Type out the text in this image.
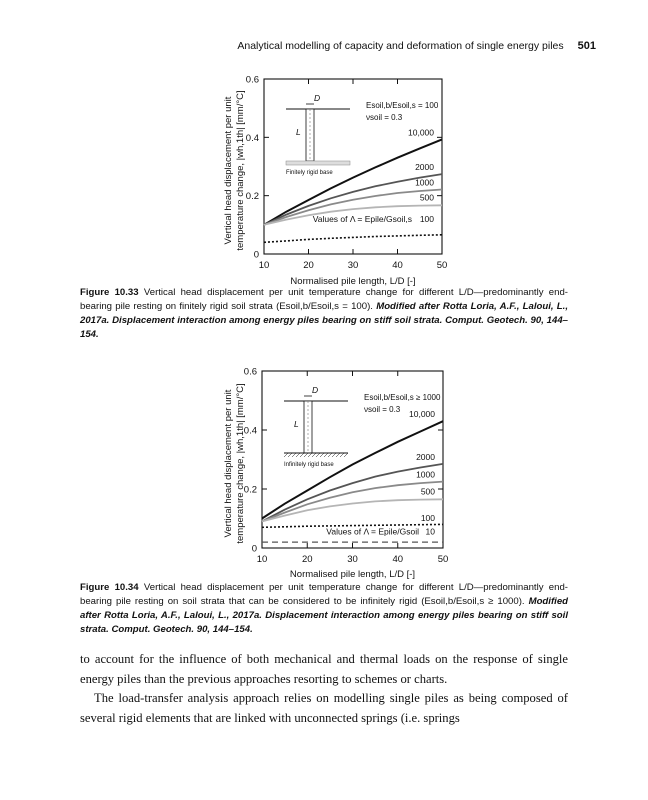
Analytical modelling of capacity and deformation of single energy piles 501
10	20	30	40	50
0
0.2
0.4
0.6
Normalised pile length, L/D [-]
Vertical head displacement per unit temperature change, |wh,1th| [mm/°C]	10,000
2000
1000
500
100
Values of Λ = Epile/Gsoil,s
D
L
Finitely rigid base
Esoil,b/Esoil,s = 100
νsoil = 0.3
Figure 10.33 Vertical head displacement per unit temperature change for different L/D—predominantly end-bearing pile resting on finitely rigid soil strata (Esoil,b/Esoil,s = 100). Modified after Rotta Loria, A.F., Laloui, L., 2017a. Displacement interaction among energy piles bearing on stiff soil strata. Comput. Geotech. 90, 144–154.
10	20	30	40	50
0
0.2
0.4
0.6
Normalised pile length, L/D [-]
Vertical head displacement per unit temperature change, |wh,1th| [mm/°C]	10,000
2000
1000
500
100
10
Values of Λ = Epile/Gsoil
D
L
Infinitely rigid base
Esoil,b/Esoil,s ≥ 1000
νsoil = 0.3
Figure 10.34 Vertical head displacement per unit temperature change for different L/D—predominantly end-bearing pile resting on soil strata that can be considered to be infinitely rigid (Esoil,b/Esoil,s ≥ 1000). Modified after Rotta Loria, A.F., Laloui, L., 2017a. Displacement interaction among energy piles bearing on stiff soil strata. Comput. Geotech. 90, 144–154.

to account for the influence of both mechanical and thermal loads on the response of single energy piles than the previous approaches resorting to schemes or charts.

The load-transfer analysis approach relies on modelling single piles as being composed of several rigid elements that are linked with unconnected springs (i.e. springs
